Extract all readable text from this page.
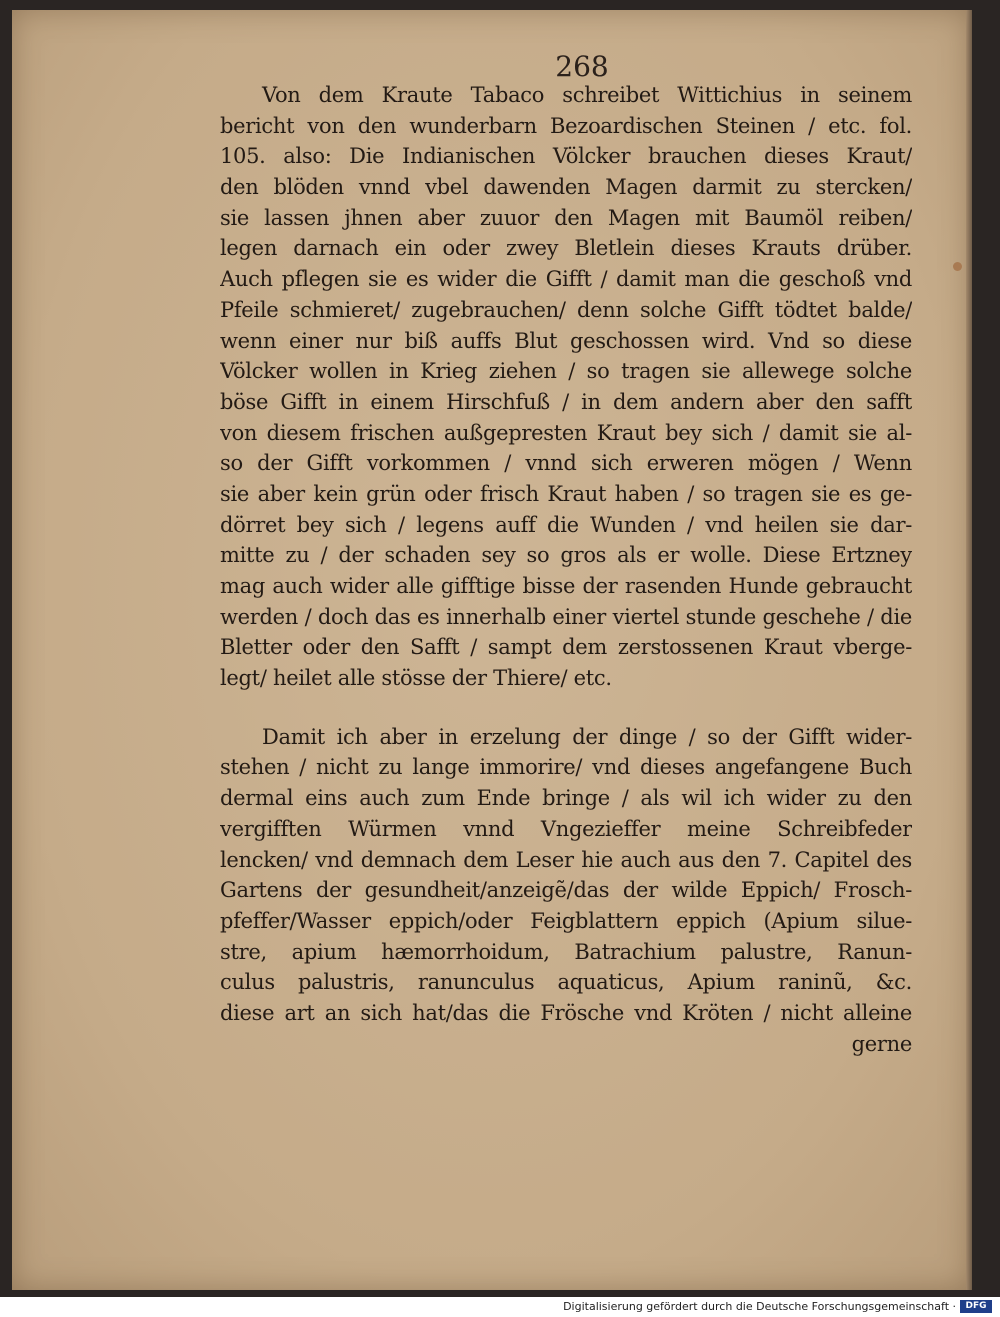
268
Von dem Kraute Tabaco schreibet Wittichius in seinem
bericht von den wunderbarn Bezoardischen Steinen / etc. fol.
105. also: Die Indianischen Völcker brauchen dieses Kraut/
den blöden vnnd vbel dawenden Magen darmit zu stercken/
sie lassen jhnen aber zuuor den Magen mit Baumöl reiben/
legen darnach ein oder zwey Bletlein dieses Krauts drüber.
Auch pflegen sie es wider die Gifft / damit man die geschoß vnd
Pfeile schmieret/ zugebrauchen/ denn solche Gifft tödtet balde/
wenn einer nur biß auffs Blut geschossen wird. Vnd so diese
Völcker wollen in Krieg ziehen / so tragen sie allewege solche
böse Gifft in einem Hirschfuß / in dem andern aber den safft
von diesem frischen außgepresten Kraut bey sich / damit sie al-
so der Gifft vorkommen / vnnd sich erweren mögen / Wenn
sie aber kein grün oder frisch Kraut haben / so tragen sie es ge-
dörret bey sich / legens auff die Wunden / vnd heilen sie dar-
mitte zu / der schaden sey so gros als er wolle. Diese Ertzney
mag auch wider alle gifftige bisse der rasenden Hunde gebraucht
werden / doch das es innerhalb einer viertel stunde geschehe / die
Bletter oder den Safft / sampt dem zerstossenen Kraut vberge-
legt/ heilet alle stösse der Thiere/ etc.
Damit ich aber in erzelung der dinge / so der Gifft wider-
stehen / nicht zu lange immorire/ vnd dieses angefangene Buch
dermal eins auch zum Ende bringe / als wil ich wider zu den
vergifften Würmen vnnd Vngezieffer meine Schreibfeder
lencken/ vnd demnach dem Leser hie auch aus den 7. Capitel des
Gartens der gesundheit/anzeigẽ/das der wilde Eppich/ Frosch-
pfeffer/Wasser eppich/oder Feigblattern eppich (Apium silue-
stre, apium hæmorrhoidum, Batrachium palustre, Ranun-
culus palustris, ranunculus aquaticus, Apium raninũ, &c.
diese art an sich hat/das die Frösche vnd Kröten / nicht alleine
gerne
Digitalisierung gefördert durch die Deutsche Forschungsgemeinschaft ·	DFG
